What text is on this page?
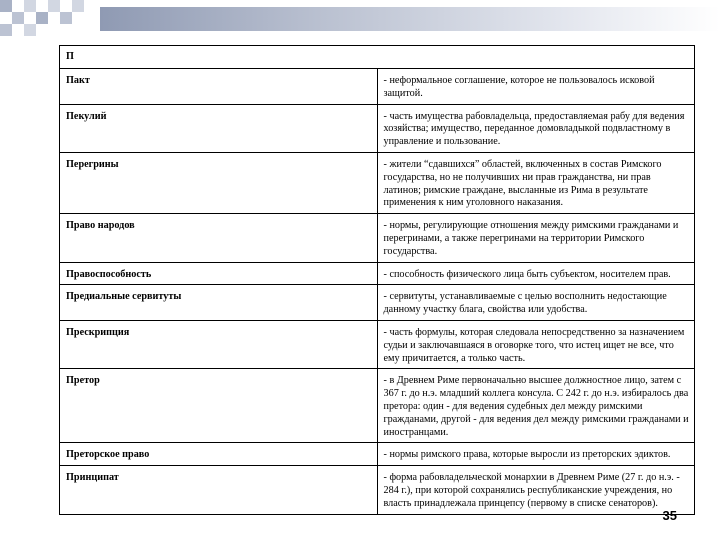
П	
Пакт	- неформальное соглашение, которое не пользовалось исковой защитой.
Пекулий	- часть имущества рабовладельца, предоставляемая рабу для ведения хозяйства; имущество, переданное домовладыкой подвластному в управление и пользование.
Перегрины	- жители “сдавшихся” областей, включенных в состав Римского государства, но не получивших ни прав гражданства, ни прав латинов; римские граждане, высланные из Рима в результате применения к ним уголовного наказания.
Право народов	- нормы, регулирующие отношения между римскими гражданами и перегринами, а также перегринами на территории Римского государства.
Правоспособность	- способность физического лица быть субъектом, носителем прав.
Предиальные сервитуты	- сервитуты, устанавливаемые с целью восполнить недостающие данному участку блага, свойства или удобства.
Прескрипция	- часть формулы, которая следовала непосредственно за назначением судьи и заключавшаяся в оговорке того, что истец ищет не все, что ему причитается, а только часть.
Претор	- в Древнем Риме первоначально высшее должностное лицо, затем с 367 г. до н.э. младший коллега консула. С 242 г. до н.э. избиралось два претора: один - для ведения судебных дел между римскими гражданами, другой - для ведения дел между римскими гражданами и иностранцами.
Преторское право	- нормы римского права, которые выросли из преторских эдиктов.
Принципат	- форма рабовладельческой монархии в Древнем Риме (27 г. до н.э. - 284 г.), при которой сохранялись республиканские учреждения, но власть принадлежала принцепсу (первому в списке сенаторов).
35
